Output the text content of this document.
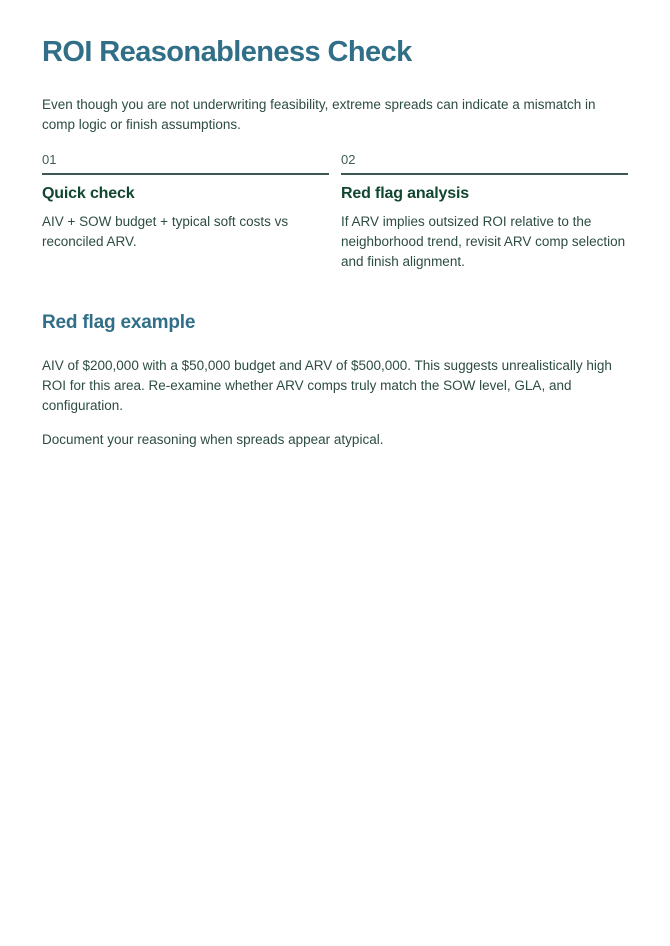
ROI Reasonableness Check

Even though you are not underwriting feasibility, extreme spreads can indicate a mismatch in comp logic or finish assumptions.

01
Quick check

AIV + SOW budget + typical soft costs vs reconciled ARV.

02
Red flag analysis

If ARV implies outsized ROI relative to the neighborhood trend, revisit ARV comp selection and finish alignment.

Red flag example

AIV of $200,000 with a $50,000 budget and ARV of $500,000. This suggests unrealistically high ROI for this area. Re-examine whether ARV comps truly match the SOW level, GLA, and configuration.

Document your reasoning when spreads appear atypical.
